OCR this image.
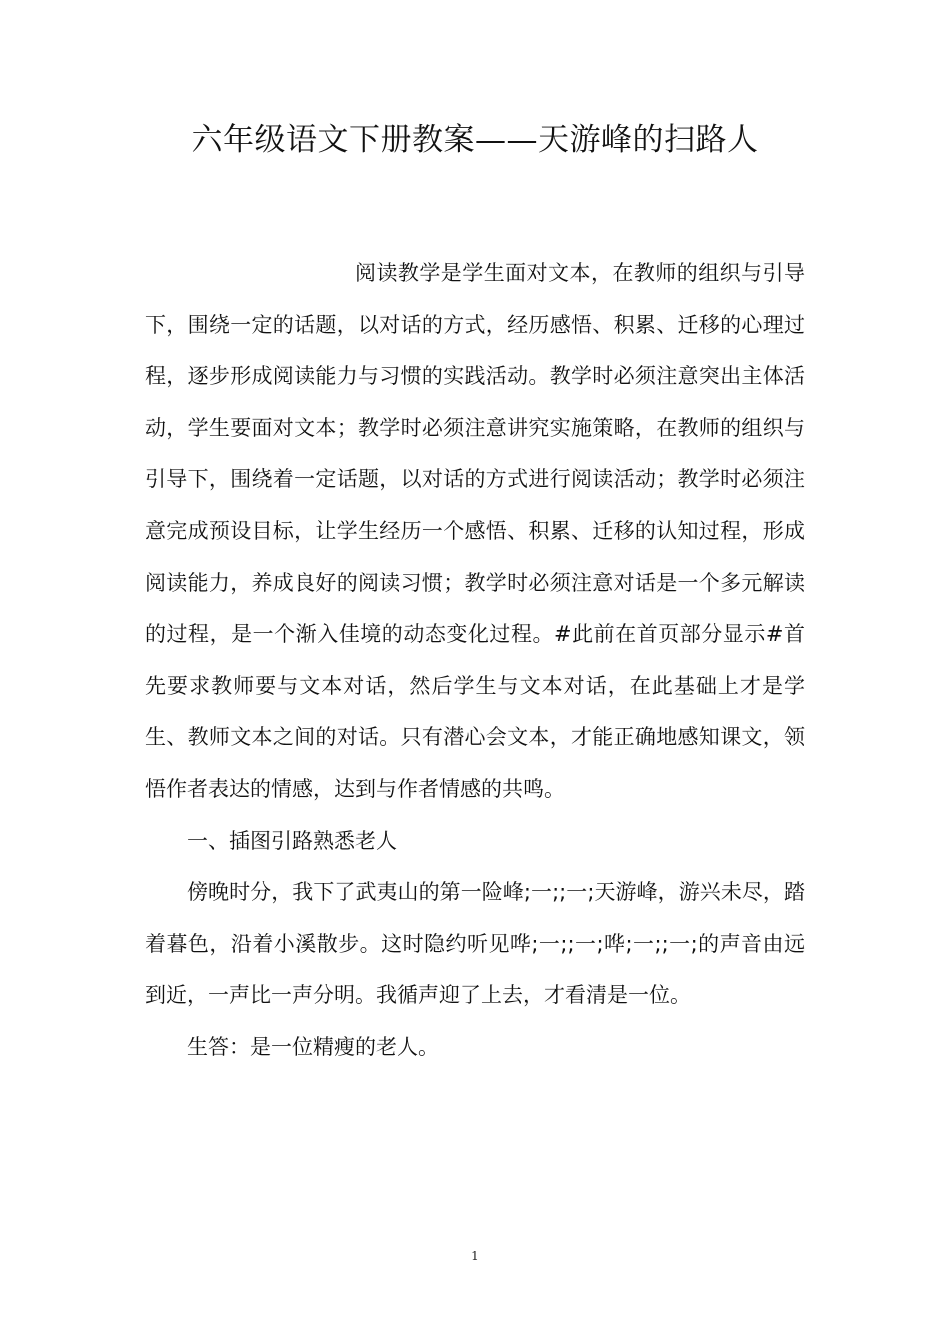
六年级语文下册教案——天游峰的扫路人

阅读教学是学生面对文本，在教师的组织与引导下，围绕一定的话题，以对话的方式，经历感悟、积累、迁移的心理过程，逐步形成阅读能力与习惯的实践活动。教学时必须注意突出主体活动，学生要面对文本；教学时必须注意讲究实施策略，在教师的组织与引导下，围绕着一定话题，以对话的方式进行阅读活动；教学时必须注意完成预设目标，让学生经历一个感悟、积累、迁移的认知过程，形成阅读能力，养成良好的阅读习惯；教学时必须注意对话是一个多元解读的过程，是一个渐入佳境的动态变化过程。#此前在首页部分显示#首先要求教师要与文本对话，然后学生与文本对话，在此基础上才是学生、教师文本之间的对话。只有潜心会文本，才能正确地感知课文，领悟作者表达的情感，达到与作者情感的共鸣。

一、插图引路熟悉老人

傍晚时分，我下了武夷山的第一险峰;一;;一;天游峰，游兴未尽，踏着暮色，沿着小溪散步。这时隐约听见哗;一;;一;哗;一;;一;的声音由远到近，一声比一声分明。我循声迎了上去，才看清是一位。

生答：是一位精瘦的老人。

1
